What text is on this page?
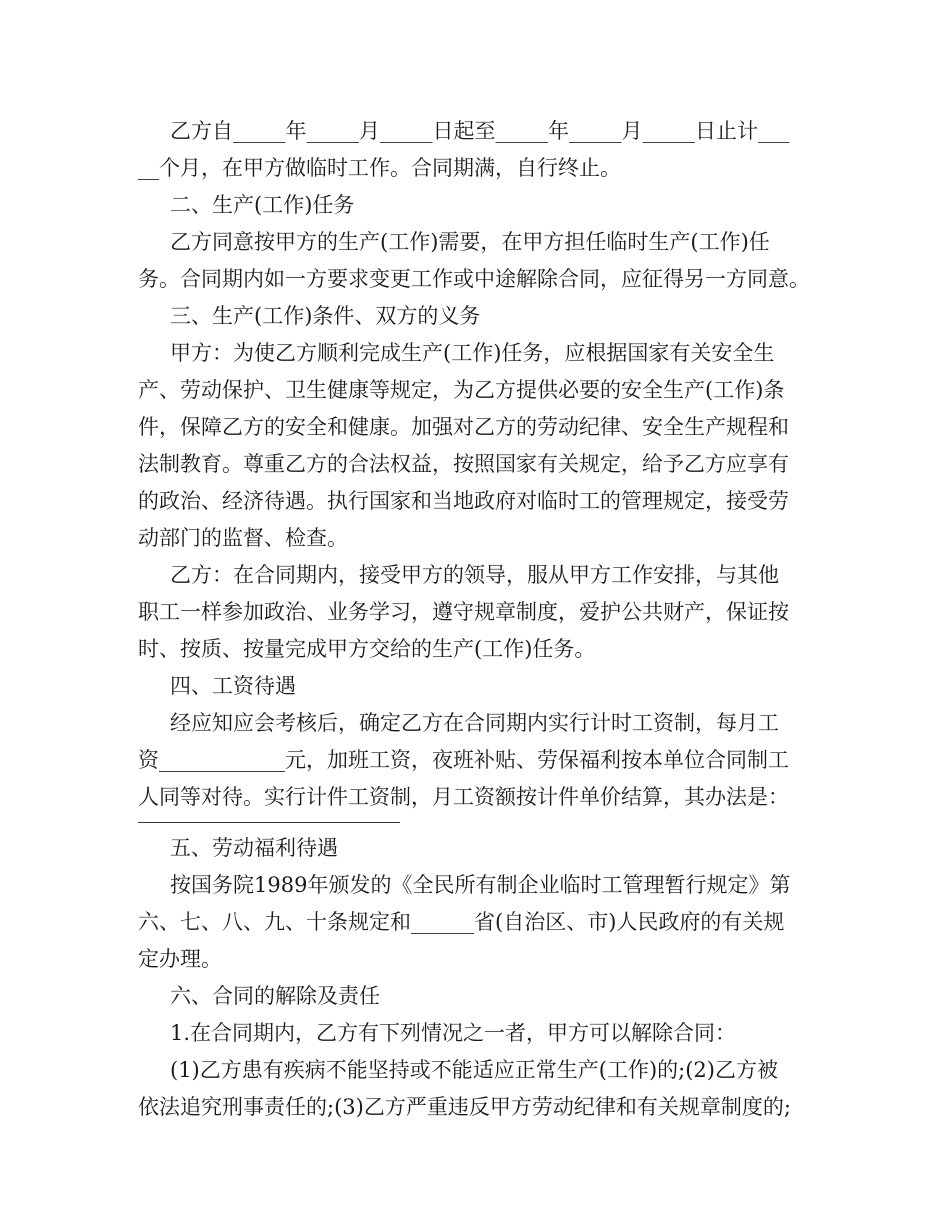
乙方自_____年_____月_____日起至_____年_____月_____日止计___
__个月，在甲方做临时工作。合同期满，自行终止。
二、生产(工作)任务
乙方同意按甲方的生产(工作)需要，在甲方担任临时生产(工作)任
务。合同期内如一方要求变更工作或中途解除合同，应征得另一方同意。
三、生产(工作)条件、双方的义务
甲方：为使乙方顺利完成生产(工作)任务，应根据国家有关安全生
产、劳动保护、卫生健康等规定，为乙方提供必要的安全生产(工作)条
件，保障乙方的安全和健康。加强对乙方的劳动纪律、安全生产规程和
法制教育。尊重乙方的合法权益，按照国家有关规定，给予乙方应享有
的政治、经济待遇。执行国家和当地政府对临时工的管理规定，接受劳
动部门的监督、检查。
乙方：在合同期内，接受甲方的领导，服从甲方工作安排，与其他
职工一样参加政治、业务学习，遵守规章制度，爱护公共财产，保证按
时、按质、按量完成甲方交给的生产(工作)任务。
四、工资待遇
经应知应会考核后，确定乙方在合同期内实行计时工资制，每月工
资____________元，加班工资，夜班补贴、劳保福利按本单位合同制工
人同等对待。实行计件工资制，月工资额按计件单价结算，其办法是：
五、劳动福利待遇
按国务院1989年颁发的《全民所有制企业临时工管理暂行规定》第
六、七、八、九、十条规定和______省(自治区、市)人民政府的有关规
定办理。
六、合同的解除及责任
1.在合同期内，乙方有下列情况之一者，甲方可以解除合同：
(1)乙方患有疾病不能坚持或不能适应正常生产(工作)的;(2)乙方被
依法追究刑事责任的;(3)乙方严重违反甲方劳动纪律和有关规章制度的;
